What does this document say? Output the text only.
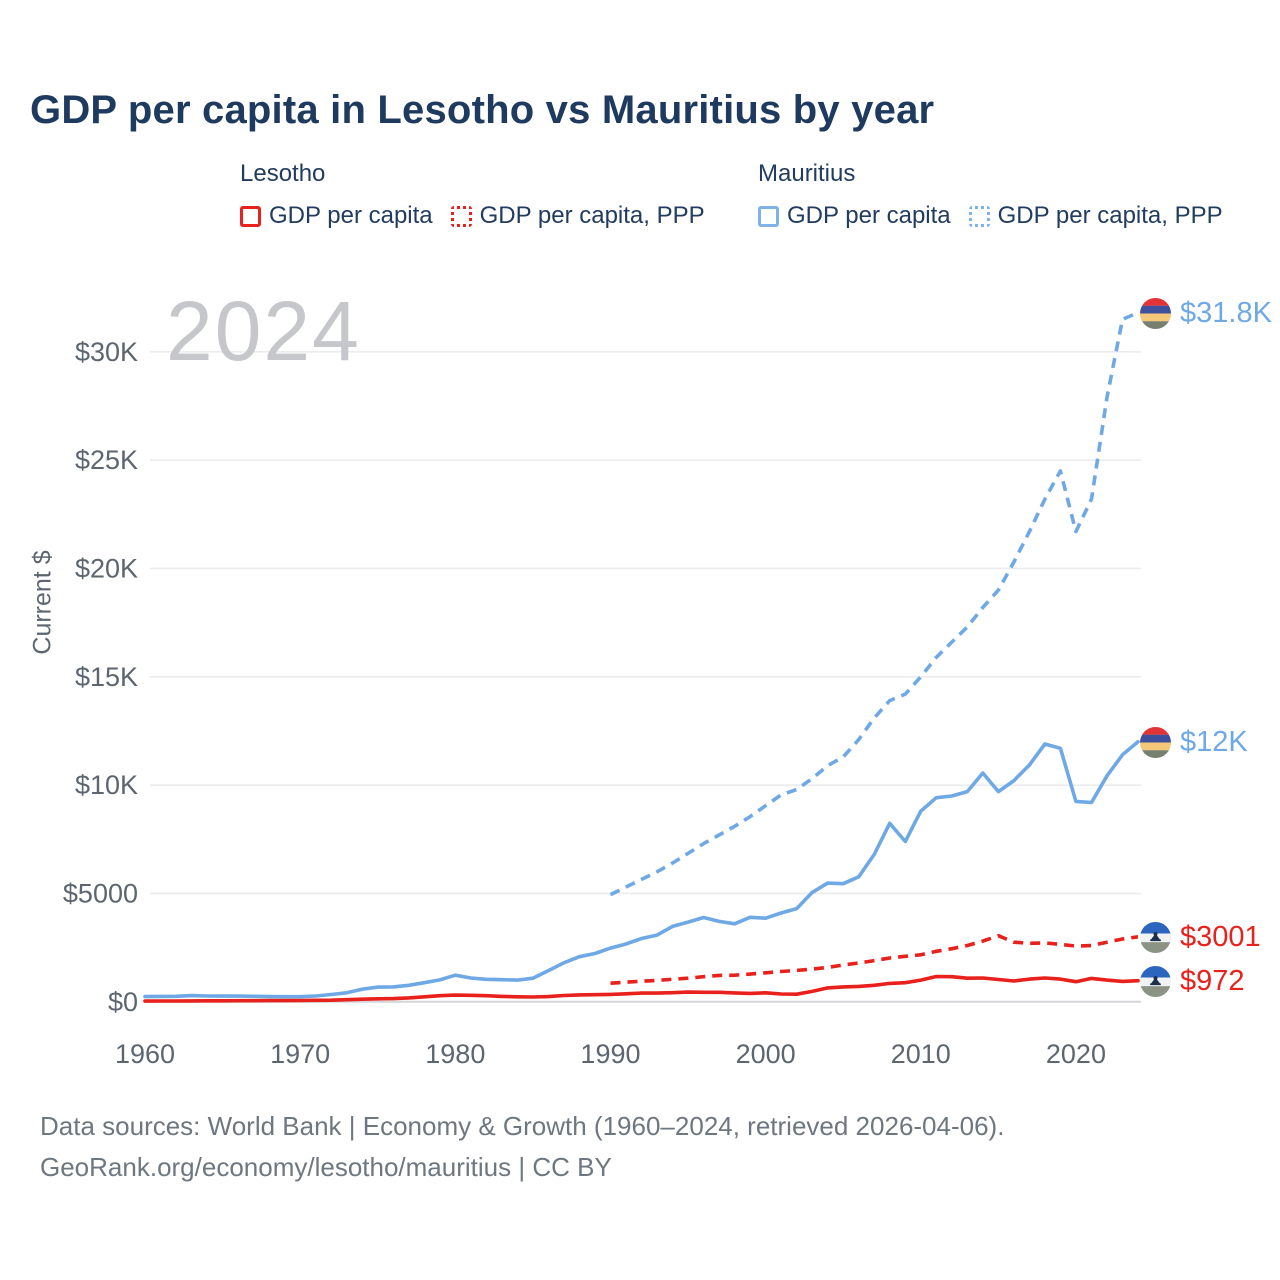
GDP per capita in Lesotho vs Mauritius by year
Lesotho
GDP per capita GDP per capita, PPP
Mauritius
GDP per capita GDP per capita, PPP
2024
$0
$5000
$10K
$15K
$20K
$25K
$30K
1960	1970	1980	1990	2000	2010	2020
Current $
$31.8K
$12K
$3001
$972
Data sources: World Bank | Economy & Growth (1960–2024, retrieved 2026-04-06).
GeoRank.org/economy/lesotho/mauritius | CC BY
